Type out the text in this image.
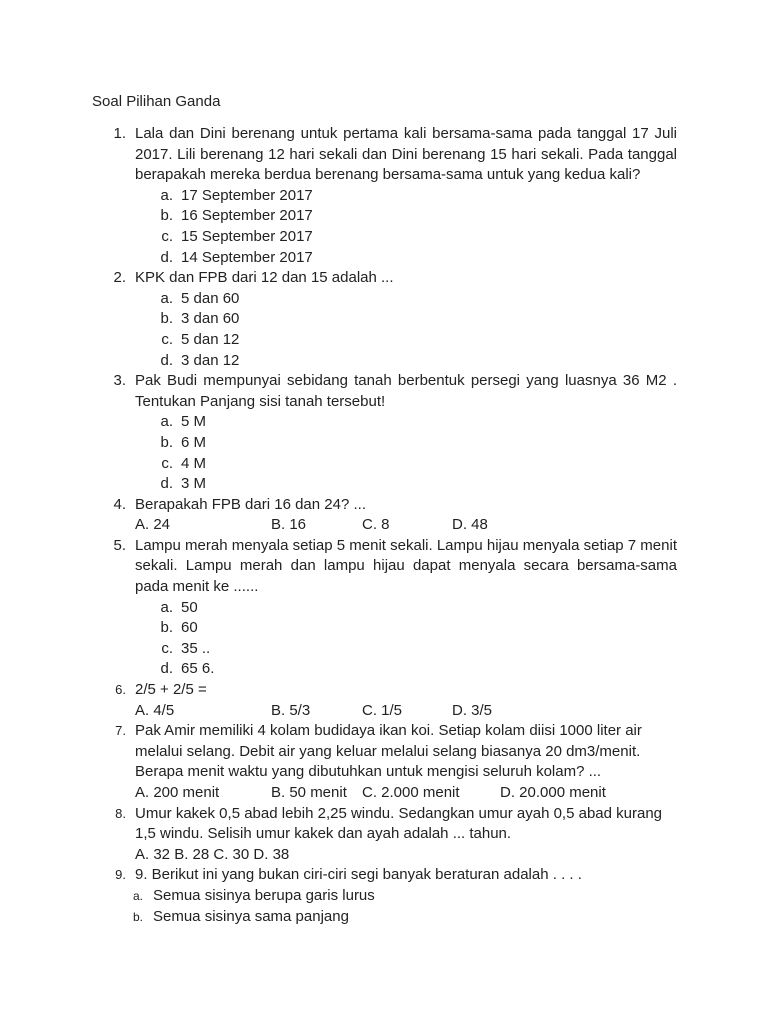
Soal Pilihan Ganda
1. Lala dan Dini berenang untuk pertama kali bersama-sama pada tanggal 17 Juli 2017. Lili berenang 12 hari sekali dan Dini berenang 15 hari sekali. Pada tanggal berapakah mereka berdua berenang bersama-sama untuk yang kedua kali?
a. 17 September 2017
b. 16 September 2017
c. 15 September 2017
d. 14 September 2017
2. KPK dan FPB dari 12 dan 15 adalah ...
a. 5 dan 60
b. 3 dan 60
c. 5 dan 12
d. 3 dan 12
3. Pak Budi mempunyai sebidang tanah berbentuk persegi yang luasnya 36 M2 . Tentukan Panjang sisi tanah tersebut!
a. 5 M
b. 6 M
c. 4 M
d. 3 M
4. Berapakah FPB dari 16 dan 24? ...
A. 24	B. 16	C. 8	D. 48
5. Lampu merah menyala setiap 5 menit sekali. Lampu hijau menyala setiap 7 menit sekali. Lampu merah dan lampu hijau dapat menyala secara bersama-sama pada menit ke ......
a. 50
b. 60
c. 35 ..
d. 65 6.
6. 2/5 + 2/5 =
A. 4/5	B. 5/3	C. 1/5	D. 3/5
7. Pak Amir memiliki 4 kolam budidaya ikan koi. Setiap kolam diisi 1000 liter air melalui selang. Debit air yang keluar melalui selang biasanya 20 dm3/menit. Berapa menit waktu yang dibutuhkan untuk mengisi seluruh kolam? ...
A. 200 menit	B. 50 menit C. 2.000 menit	D. 20.000 menit
8. Umur kakek 0,5 abad lebih 2,25 windu. Sedangkan umur ayah 0,5 abad kurang 1,5 windu. Selisih umur kakek dan ayah adalah ... tahun.
A. 32 B. 28 C. 30 D. 38
9. 9. Berikut ini yang bukan ciri-ciri segi banyak beraturan adalah . . . .
a. Semua sisinya berupa garis lurus
b. Semua sisinya sama panjang
